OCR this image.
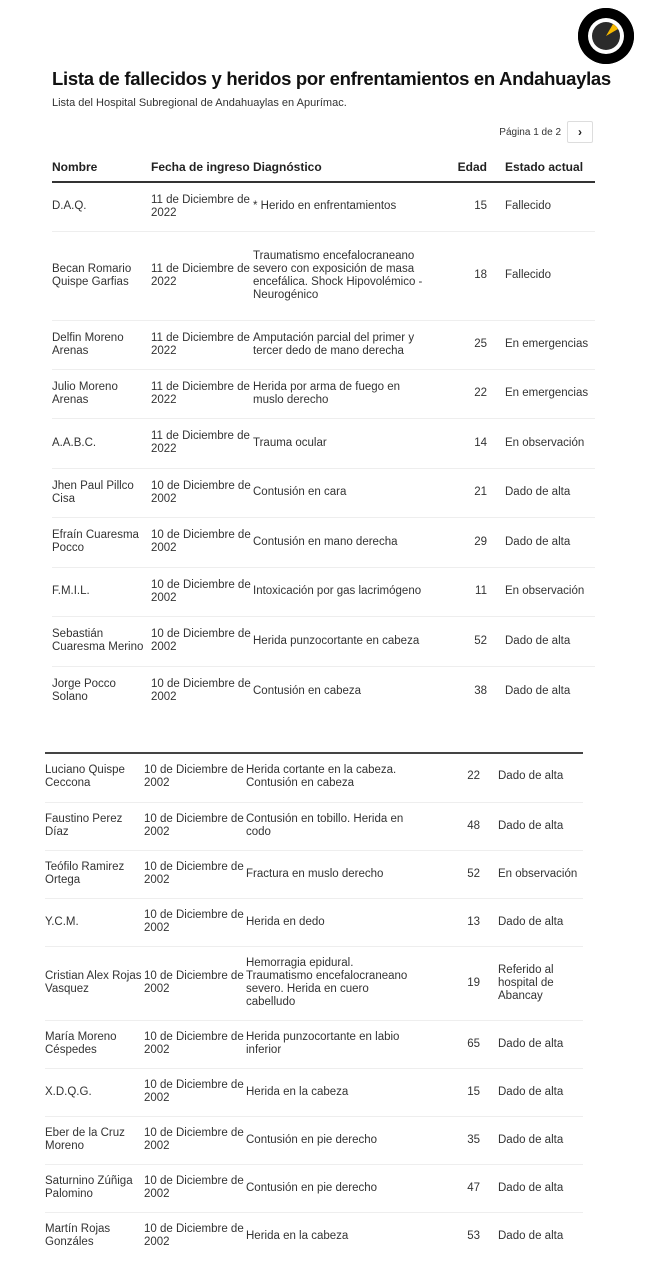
Lista de fallecidos y heridos por enfrentamientos en Andahuaylas

Lista del Hospital Subregional de Andahuaylas en Apurímac.

Página 1 de 2 ›
Nombre	Fecha de ingreso	Diagnóstico	Edad	Estado actual
D.A.Q.	11 de Diciembre de 2022	* Herido en enfrentamientos	15	Fallecido
Becan Romario Quispe Garfias	11 de Diciembre de 2022	Traumatismo encefalocraneano severo con exposición de masa encefálica. Shock Hipovolémico - Neurogénico	18	Fallecido
Delfin Moreno Arenas	11 de Diciembre de 2022	Amputación parcial del primer y tercer dedo de mano derecha	25	En emergencias
Julio Moreno Arenas	11 de Diciembre de 2022	Herida por arma de fuego en muslo derecho	22	En emergencias
A.A.B.C.	11 de Diciembre de 2022	Trauma ocular	14	En observación
Jhen Paul Pillco Cisa	10 de Diciembre de 2002	Contusión en cara	21	Dado de alta
Efraín Cuaresma Pocco	10 de Diciembre de 2002	Contusión en mano derecha	29	Dado de alta
F.M.I.L.	10 de Diciembre de 2002	Intoxicación por gas lacrimógeno	11	En observación
Sebastián Cuaresma Merino	10 de Diciembre de 2002	Herida punzocortante en cabeza	52	Dado de alta
Jorge Pocco Solano	10 de Diciembre de 2002	Contusión en cabeza	38	Dado de alta
Luciano Quispe Ceccona	10 de Diciembre de 2002	Herida cortante en la cabeza. Contusión en cabeza	22	Dado de alta
Faustino Perez Díaz	10 de Diciembre de 2002	Contusión en tobillo. Herida en codo	48	Dado de alta
Teófilo Ramirez Ortega	10 de Diciembre de 2002	Fractura en muslo derecho	52	En observación
Y.C.M.	10 de Diciembre de 2002	Herida en dedo	13	Dado de alta
Cristian Alex Rojas Vasquez	10 de Diciembre de 2002	Hemorragia epidural. Traumatismo encefalocraneano severo. Herida en cuero cabelludo	19	Referido al hospital de Abancay
María Moreno Céspedes	10 de Diciembre de 2002	Herida punzocortante en labio inferior	65	Dado de alta
X.D.Q.G.	10 de Diciembre de 2002	Herida en la cabeza	15	Dado de alta
Eber de la Cruz Moreno	10 de Diciembre de 2002	Contusión en pie derecho	35	Dado de alta
Saturnino Zúñiga Palomino	10 de Diciembre de 2002	Contusión en pie derecho	47	Dado de alta
Martín Rojas Gonzáles	10 de Diciembre de 2002	Herida en la cabeza	53	Dado de alta
